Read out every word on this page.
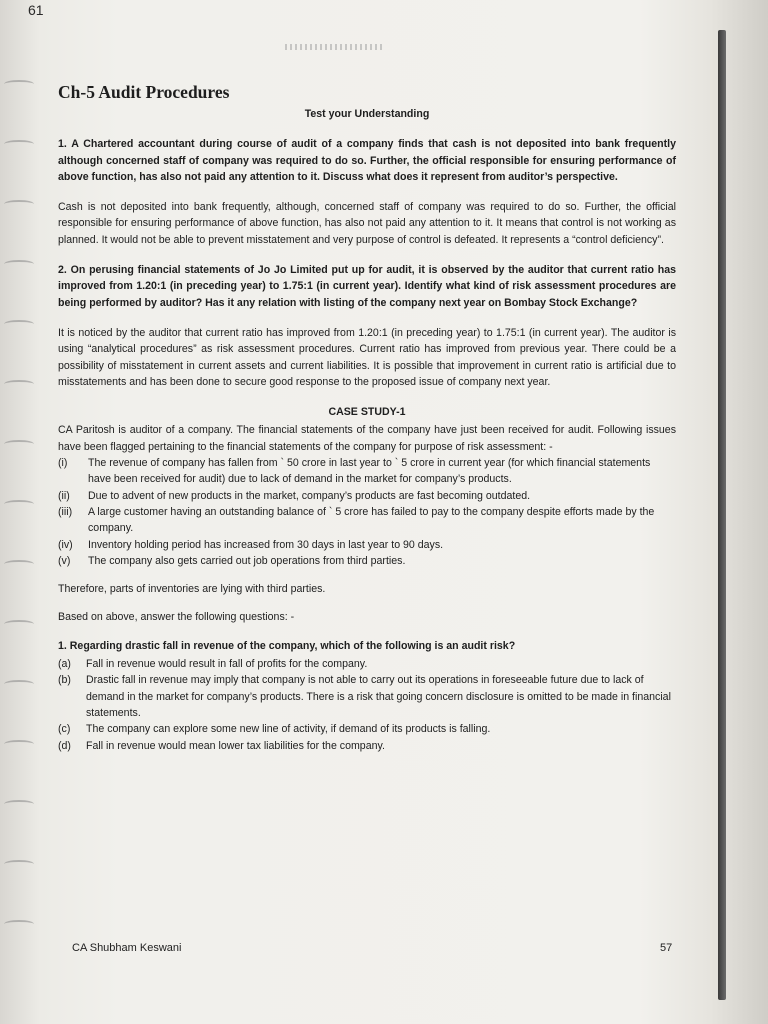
61
Ch-5 Audit Procedures
Test your Understanding

1. A Chartered accountant during course of audit of a company finds that cash is not deposited into bank frequently although concerned staff of company was required to do so. Further, the official responsible for ensuring performance of above function, has also not paid any attention to it. Discuss what does it represent from auditor’s perspective.

Cash is not deposited into bank frequently, although, concerned staff of company was required to do so. Further, the official responsible for ensuring performance of above function, has also not paid any attention to it. It means that control is not working as planned. It would not be able to prevent misstatement and very purpose of control is defeated. It represents a “control deficiency”.

2. On perusing financial statements of Jo Jo Limited put up for audit, it is observed by the auditor that current ratio has improved from 1.20:1 (in preceding year) to 1.75:1 (in current year). Identify what kind of risk assessment procedures are being performed by auditor? Has it any relation with listing of the company next year on Bombay Stock Exchange?

It is noticed by the auditor that current ratio has improved from 1.20:1 (in preceding year) to 1.75:1 (in current year). The auditor is using “analytical procedures” as risk assessment procedures. Current ratio has improved from previous year. There could be a possibility of misstatement in current assets and current liabilities. It is possible that improvement in current ratio is artificial due to misstatements and has been done to secure good response to the proposed issue of company next year.

CASE STUDY-1

CA Paritosh is auditor of a company. The financial statements of the company have just been received for audit. Following issues have been flagged pertaining to the financial statements of the company for purpose of risk assessment: -

(i)	The revenue of company has fallen from ` 50 crore in last year to ` 5 crore in current year (for which financial statements have been received for audit) due to lack of demand in the market for company’s products.
(ii)	Due to advent of new products in the market, company’s products are fast becoming outdated.
(iii)	A large customer having an outstanding balance of ` 5 crore has failed to pay to the company despite efforts made by the company.
(iv)	Inventory holding period has increased from 30 days in last year to 90 days.
(v)	The company also gets carried out job operations from third parties.

Therefore, parts of inventories are lying with third parties.

Based on above, answer the following questions: -

1. Regarding drastic fall in revenue of the company, which of the following is an audit risk?

(a)	Fall in revenue would result in fall of profits for the company.
(b)	Drastic fall in revenue may imply that company is not able to carry out its operations in foreseeable future due to lack of demand in the market for company’s products. There is a risk that going concern disclosure is omitted to be made in financial statements.
(c)	The company can explore some new line of activity, if demand of its products is falling.
(d)	Fall in revenue would mean lower tax liabilities for the company.
CA Shubham Keswani	57
